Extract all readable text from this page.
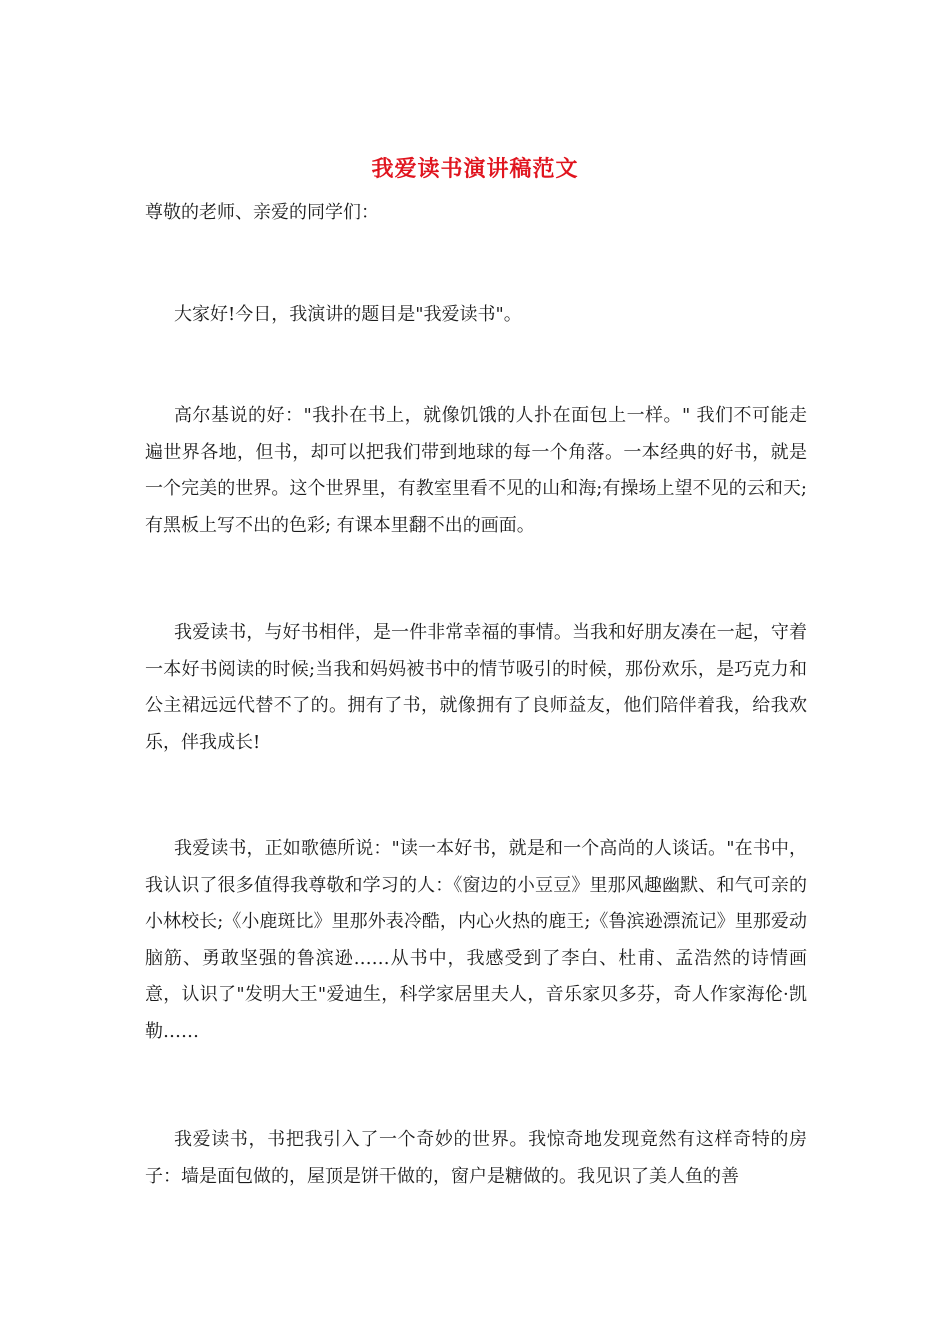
我爱读书演讲稿范文
尊敬的老师、亲爱的同学们：

大家好!今日，我演讲的题目是"我爱读书"。

高尔基说的好："我扑在书上，就像饥饿的人扑在面包上一样。" 我们不可能走遍世界各地，但书，却可以把我们带到地球的每一个角落。一本经典的好书，就是一个完美的世界。这个世界里，有教室里看不见的山和海;有操场上望不见的云和天;有黑板上写不出的色彩; 有课本里翻不出的画面。

我爱读书，与好书相伴，是一件非常幸福的事情。当我和好朋友凑在一起，守着一本好书阅读的时候;当我和妈妈被书中的情节吸引的时候，那份欢乐，是巧克力和公主裙远远代替不了的。拥有了书，就像拥有了良师益友，他们陪伴着我，给我欢乐，伴我成长!

我爱读书，正如歌德所说："读一本好书，就是和一个高尚的人谈话。"在书中，我认识了很多值得我尊敬和学习的人：《窗边的小豆豆》里那风趣幽默、和气可亲的小林校长;《小鹿斑比》里那外表冷酷，内心火热的鹿王;《鲁滨逊漂流记》里那爱动脑筋、勇敢坚强的鲁滨逊……从书中，我感受到了李白、杜甫、孟浩然的诗情画意，认识了"发明大王"爱迪生，科学家居里夫人，音乐家贝多芬，奇人作家海伦·凯勒……

我爱读书，书把我引入了一个奇妙的世界。我惊奇地发现竟然有这样奇特的房子：墙是面包做的，屋顶是饼干做的，窗户是糖做的。我见识了美人鱼的善
